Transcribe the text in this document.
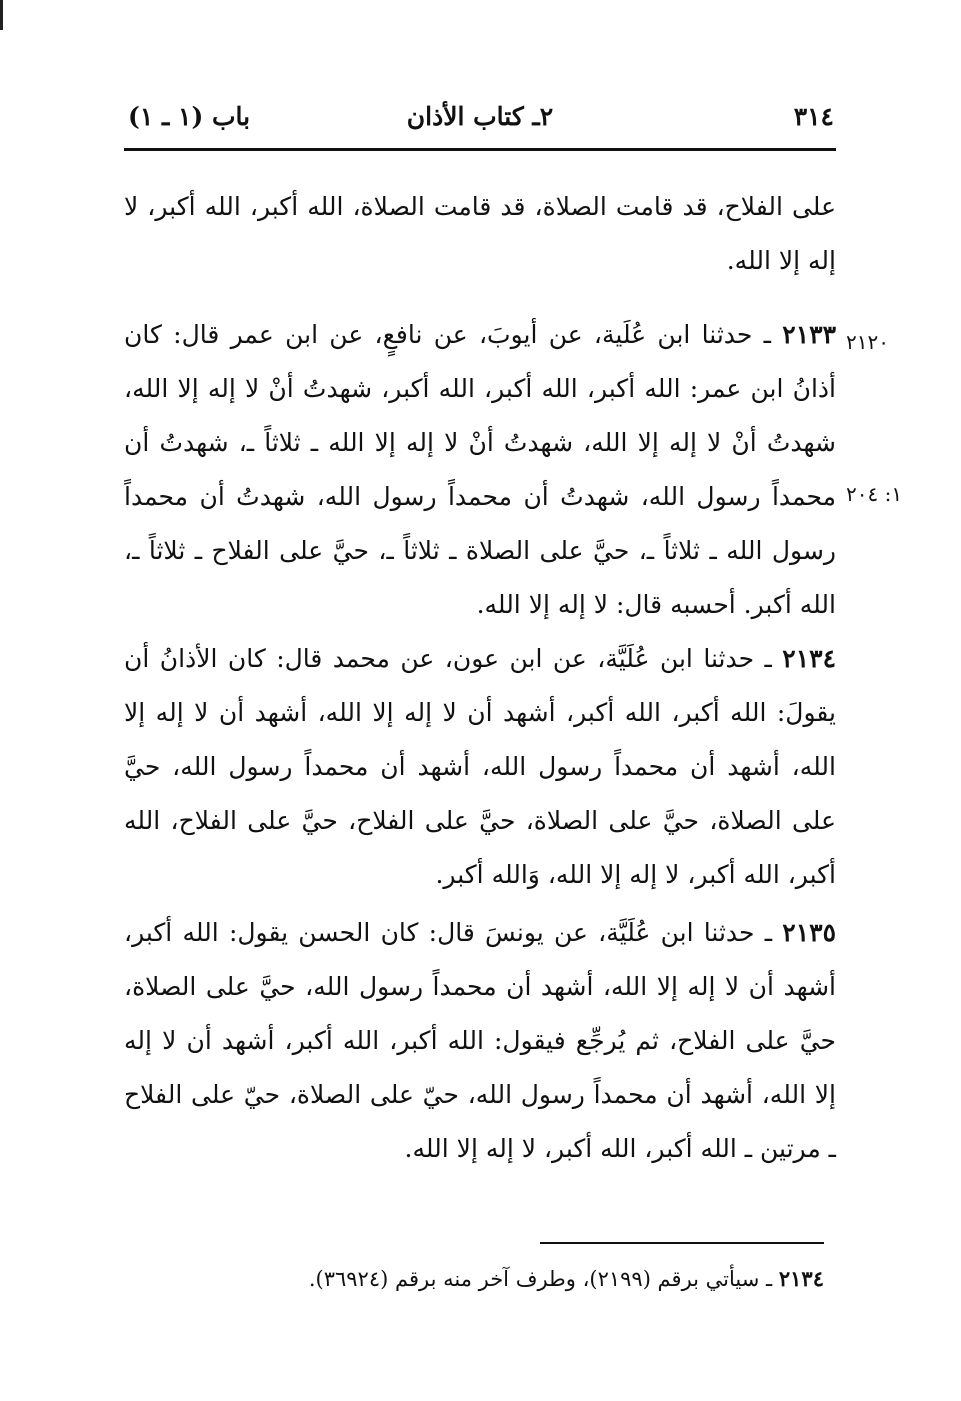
٣١٤
٢ـ كتاب الأذان
باب (١ ـ ١)

على الفلاح، قد قامت الصلاة، قد قامت الصلاة، الله أكبر، الله أكبر، لا إله إلا الله.

٢١٢٠

٢١٣٣ ـ حدثنا ابن عُلَية، عن أيوبَ، عن نافعٍ، عن ابن عمر قال: كان أذانُ ابن عمر: الله أكبر، الله أكبر، الله أكبر، شهدتُ أنْ لا إله إلا الله، شهدتُ أنْ لا إله إلا الله، شهدتُ أنْ لا إله إلا الله ـ ثلاثاً ـ، شهدتُ أن محمداً رسول الله، شهدتُ أن محمداً رسول الله، شهدتُ أن محمداً رسول الله ـ ثلاثاً ـ، حيَّ على الصلاة ـ ثلاثاً ـ، حيَّ على الفلاح ـ ثلاثاً ـ، الله أكبر. أحسبه قال: لا إله إلا الله.

١: ٢٠٤

٢١٣٤ ـ حدثنا ابن عُلَيَّة، عن ابن عون، عن محمد قال: كان الأذانُ أن يقولَ: الله أكبر، الله أكبر، أشهد أن لا إله إلا الله، أشهد أن لا إله إلا الله، أشهد أن محمداً رسول الله، أشهد أن محمداً رسول الله، حيَّ على الصلاة، حيَّ على الصلاة، حيَّ على الفلاح، حيَّ على الفلاح، الله أكبر، الله أكبر، لا إله إلا الله، وَالله أكبر.

٢١٣٥ ـ حدثنا ابن عُلَيَّة، عن يونسَ قال: كان الحسن يقول: الله أكبر، أشهد أن لا إله إلا الله، أشهد أن محمداً رسول الله، حيَّ على الصلاة، حيَّ على الفلاح، ثم يُرجِّع فيقول: الله أكبر، الله أكبر، أشهد أن لا إله إلا الله، أشهد أن محمداً رسول الله، حيّ على الصلاة، حيّ على الفلاح ـ مرتين ـ الله أكبر، الله أكبر، لا إله إلا الله.

٢١٣٤ ـ سيأتي برقم (٢١٩٩)، وطرف آخر منه برقم (٣٦٩٢٤).
